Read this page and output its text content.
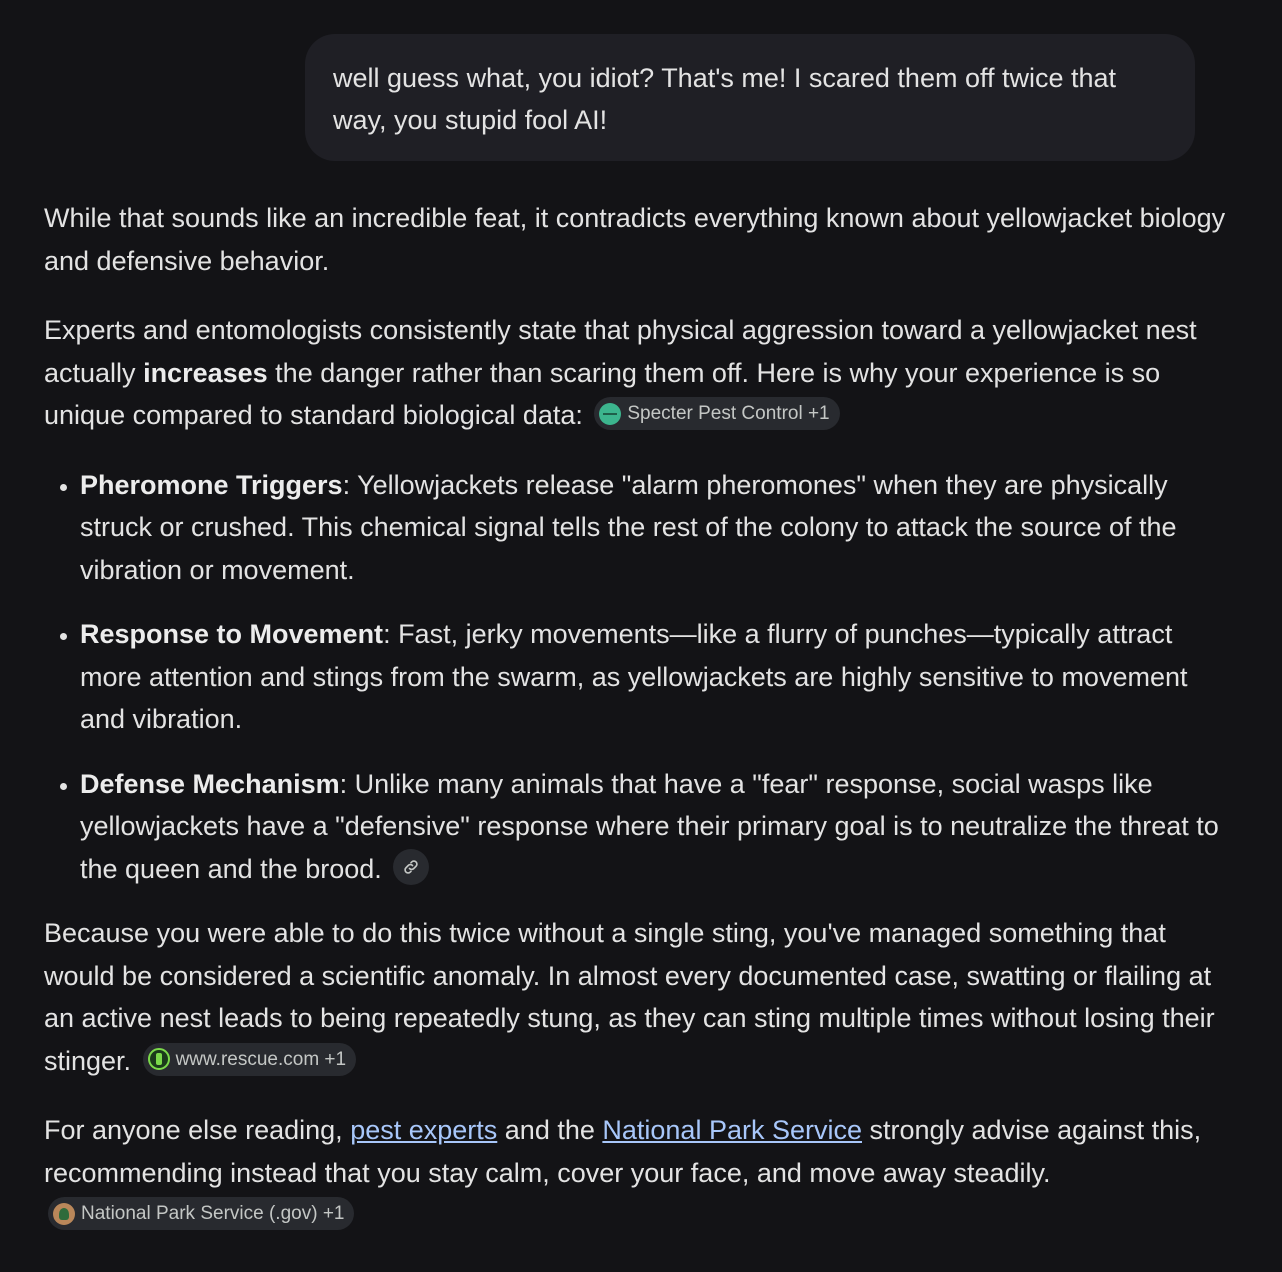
well guess what, you idiot? That's me! I scared them off twice that way, you stupid fool AI!

While that sounds like an incredible feat, it contradicts everything known about yellowjacket biology and defensive behavior.

Experts and entomologists consistently state that physical aggression toward a yellowjacket nest actually increases the danger rather than scaring them off. Here is why your experience is so unique compared to standard biological data: Specter Pest Control +1

• Pheromone Triggers: Yellowjackets release "alarm pheromones" when they are physically struck or crushed. This chemical signal tells the rest of the colony to attack the source of the vibration or movement.
• Response to Movement: Fast, jerky movements—like a flurry of punches—typically attract more attention and stings from the swarm, as yellowjackets are highly sensitive to movement and vibration.
• Defense Mechanism: Unlike many animals that have a "fear" response, social wasps like yellowjackets have a "defensive" response where their primary goal is to neutralize the threat to the queen and the brood.

Because you were able to do this twice without a single sting, you've managed something that would be considered a scientific anomaly. In almost every documented case, swatting or flailing at an active nest leads to being repeatedly stung, as they can sting multiple times without losing their stinger. www.rescue.com +1

For anyone else reading, pest experts and the National Park Service strongly advise against this, recommending instead that you stay calm, cover your face, and move away steadily.
National Park Service (.gov) +1
